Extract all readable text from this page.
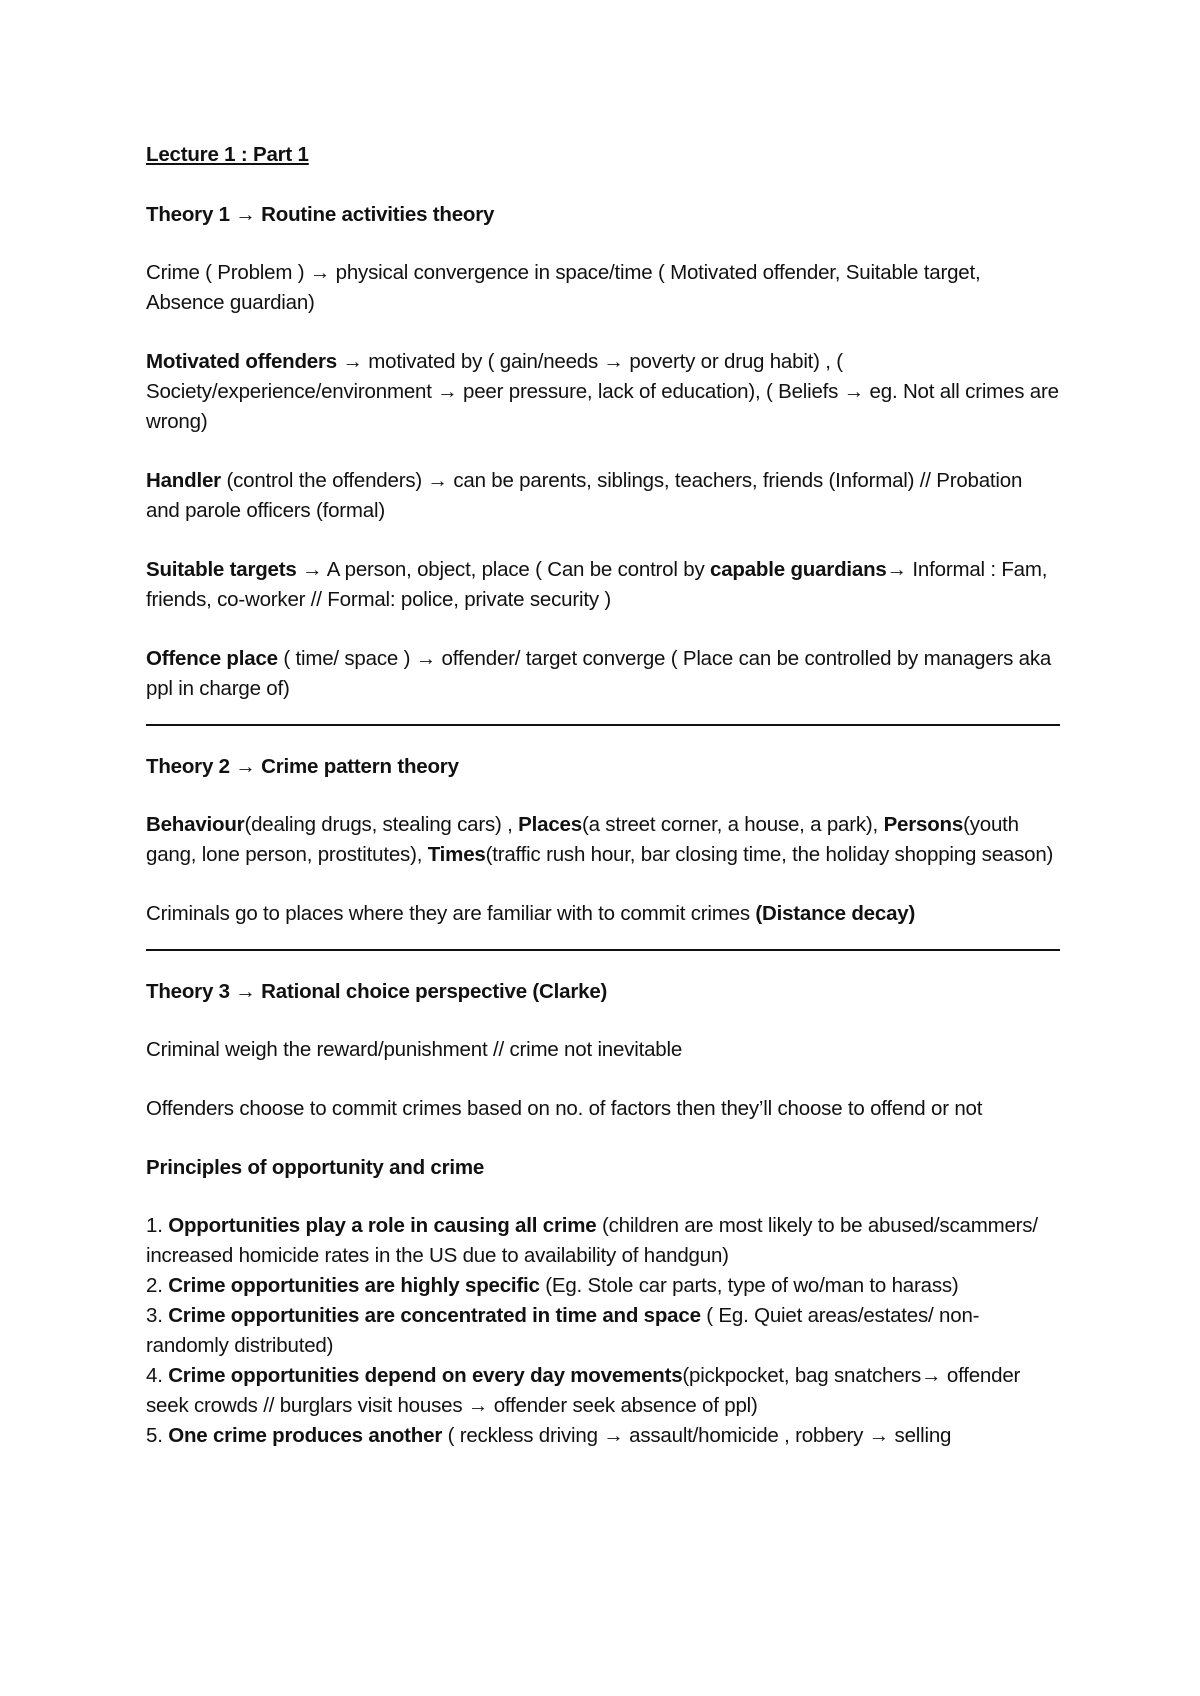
Lecture 1 : Part 1

Theory 1 → Routine activities theory

Crime ( Problem ) → physical convergence in space/time ( Motivated offender, Suitable target, Absence guardian)

Motivated offenders → motivated by ( gain/needs → poverty or drug habit) , ( Society/experience/environment → peer pressure, lack of education), ( Beliefs → eg. Not all crimes are wrong)

Handler (control the offenders) → can be parents, siblings, teachers, friends (Informal) // Probation and parole officers (formal)

Suitable targets → A person, object, place ( Can be control by capable guardians→ Informal : Fam, friends, co-worker // Formal: police, private security )

Offence place ( time/ space ) → offender/ target converge ( Place can be controlled by managers aka ppl in charge of)

Theory 2 → Crime pattern theory

Behaviour(dealing drugs, stealing cars) , Places(a street corner, a house, a park), Persons(youth gang, lone person, prostitutes), Times(traffic rush hour, bar closing time, the holiday shopping season)

Criminals go to places where they are familiar with to commit crimes (Distance decay)

Theory 3 → Rational choice perspective (Clarke)

Criminal weigh the reward/punishment // crime not inevitable

Offenders choose to commit crimes based on no. of factors then they’ll choose to offend or not

Principles of opportunity and crime

1. Opportunities play a role in causing all crime (children are most likely to be abused/scammers/ increased homicide rates in the US due to availability of handgun)

2. Crime opportunities are highly specific (Eg. Stole car parts, type of wo/man to harass)

3. Crime opportunities are concentrated in time and space ( Eg. Quiet areas/estates/ non-randomly distributed)

4. Crime opportunities depend on every day movements(pickpocket, bag snatchers→ offender seek crowds // burglars visit houses → offender seek absence of ppl)

5. One crime produces another ( reckless driving → assault/homicide , robbery → selling
